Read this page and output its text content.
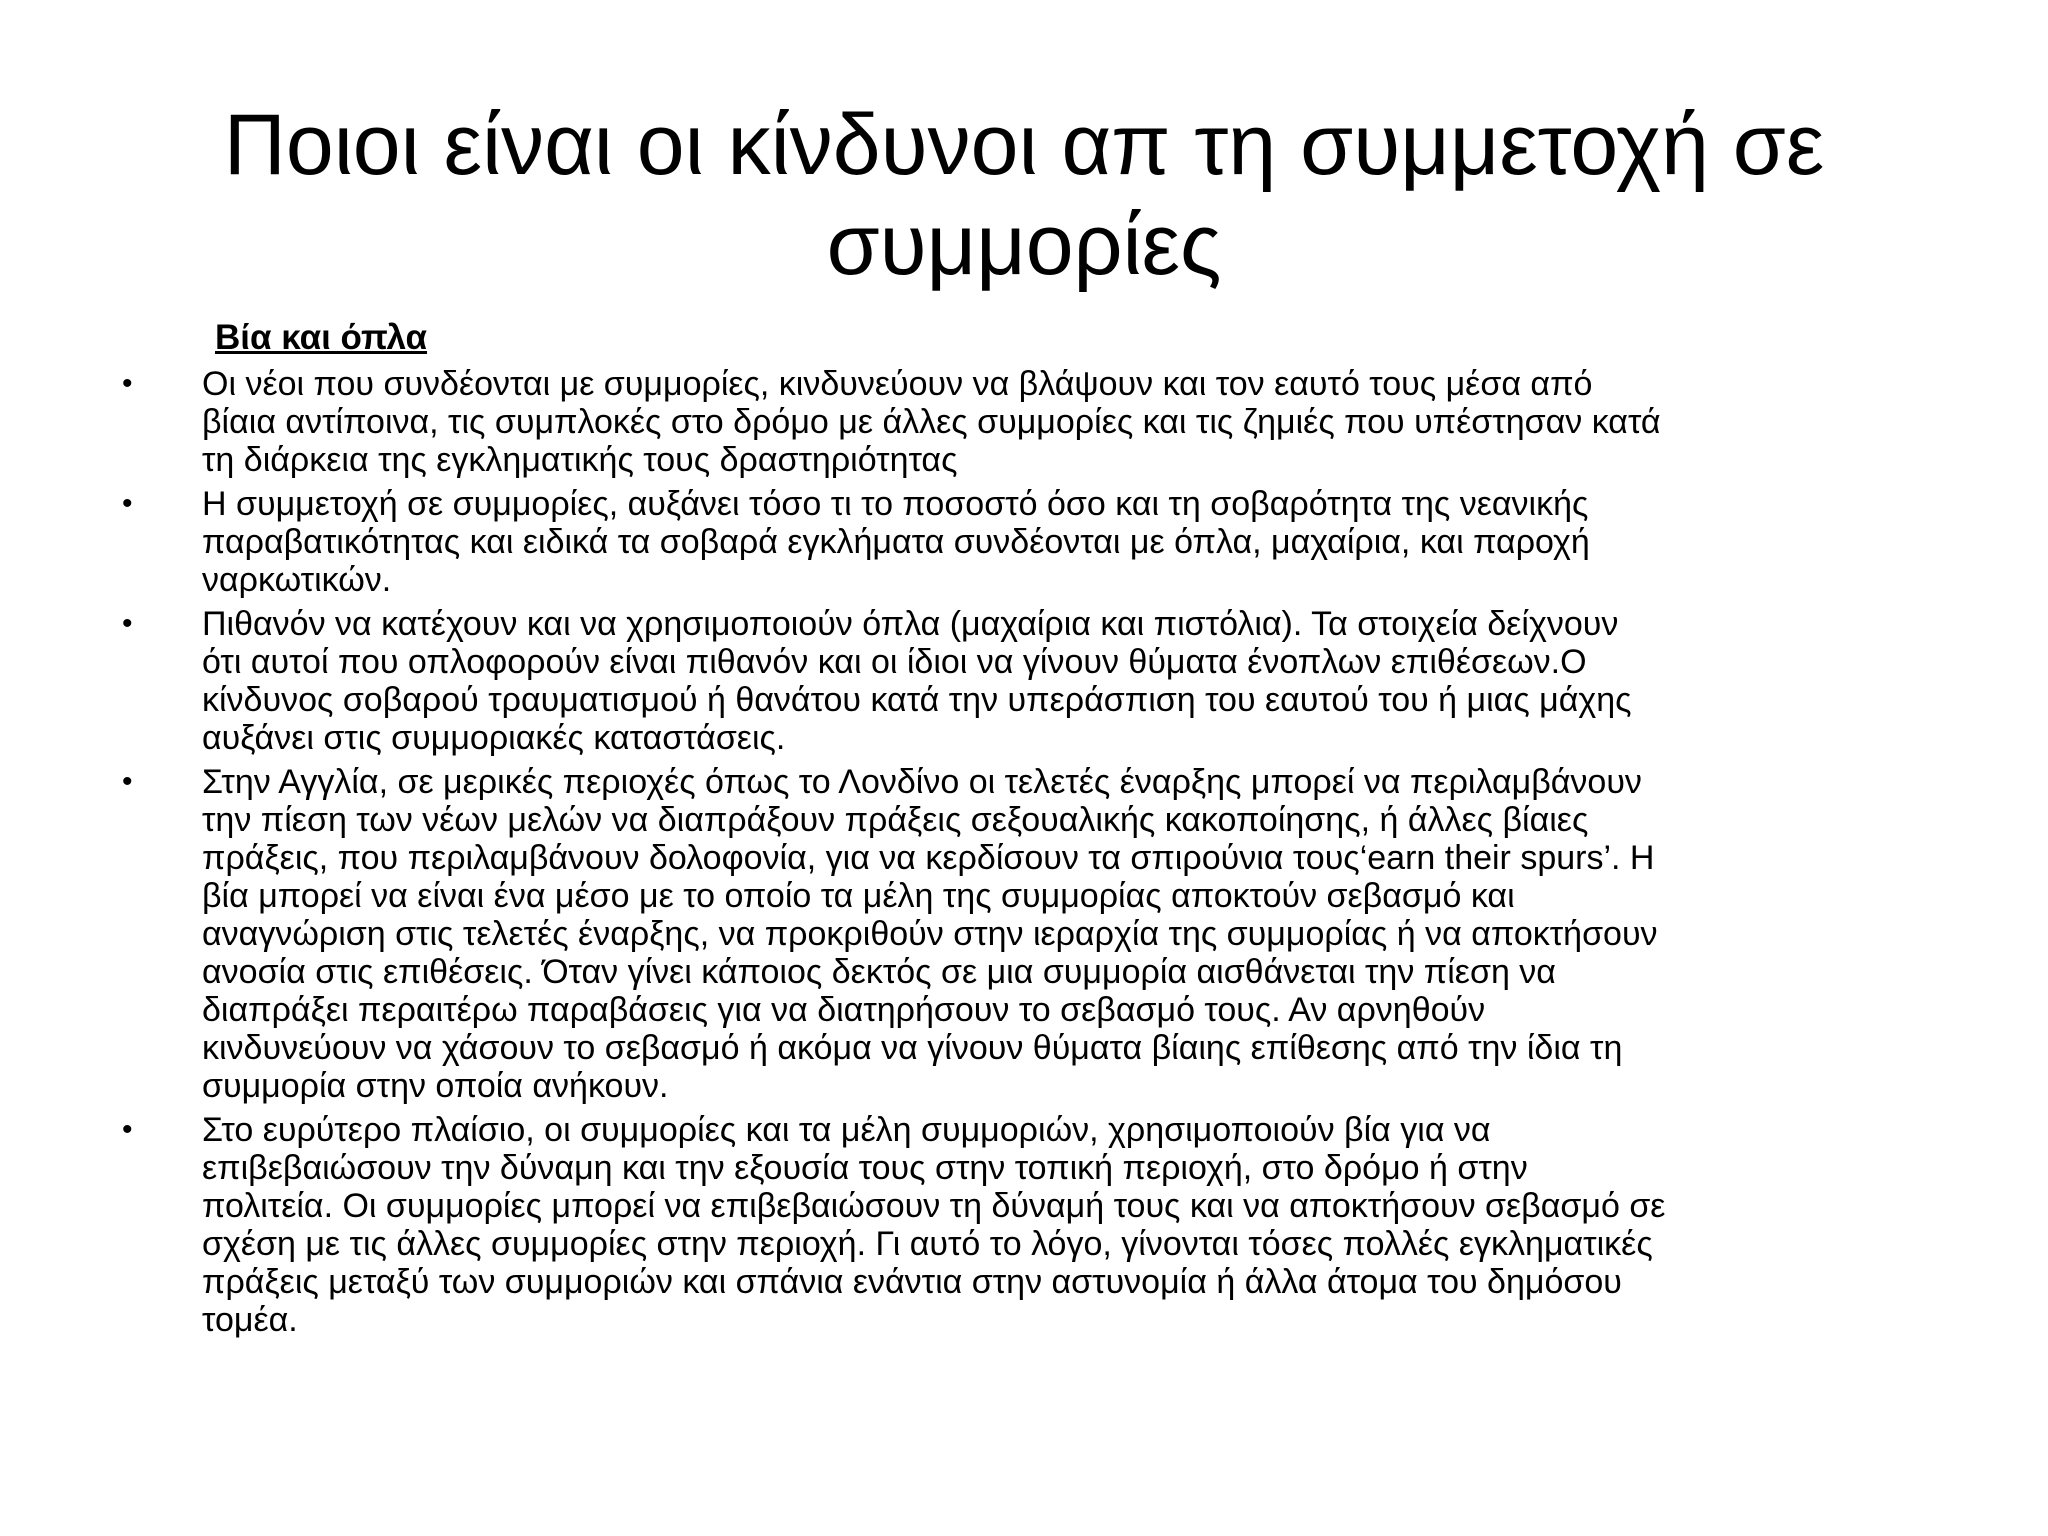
Ποιοι είναι οι κίνδυνοι απ τη συμμετοχή σε
συμμορίες
Βία και όπλα
• Οι νέοι που συνδέονται με συμμορίες, κινδυνεύουν να βλάψουν και τον εαυτό τους μέσα από
βίαια αντίποινα, τις συμπλοκές στο δρόμο με άλλες συμμορίες και τις ζημιές που υπέστησαν κατά
τη διάρκεια της εγκληματικής τους δραστηριότητας
• Η συμμετοχή σε συμμορίες, αυξάνει τόσο τι το ποσοστό όσο και τη σοβαρότητα της νεανικής
παραβατικότητας και ειδικά τα σοβαρά εγκλήματα συνδέονται με όπλα, μαχαίρια, και παροχή
ναρκωτικών.
• Πιθανόν να κατέχουν και να χρησιμοποιούν όπλα (μαχαίρια και πιστόλια). Τα στοιχεία δείχνουν
ότι αυτοί που οπλοφορούν είναι πιθανόν και οι ίδιοι να γίνουν θύματα ένοπλων επιθέσεων.Ο
κίνδυνος σοβαρού τραυματισμού ή θανάτου κατά την υπεράσπιση του εαυτού του ή μιας μάχης
αυξάνει στις συμμοριακές καταστάσεις.
• Στην Αγγλία, σε μερικές περιοχές όπως το Λονδίνο οι τελετές έναρξης μπορεί να περιλαμβάνουν
την πίεση των νέων μελών να διαπράξουν πράξεις σεξουαλικής κακοποίησης, ή άλλες βίαιες
πράξεις, που περιλαμβάνουν δολοφονία, για να κερδίσουν τα σπιρούνια τους‘earn their spurs’. Η
βία μπορεί να είναι ένα μέσο με το οποίο τα μέλη της συμμορίας αποκτούν σεβασμό και
αναγνώριση στις τελετές έναρξης, να προκριθούν στην ιεραρχία της συμμορίας ή να αποκτήσουν
ανοσία στις επιθέσεις. Όταν γίνει κάποιος δεκτός σε μια συμμορία αισθάνεται την πίεση να
διαπράξει περαιτέρω παραβάσεις για να διατηρήσουν το σεβασμό τους. Αν αρνηθούν
κινδυνεύουν να χάσουν το σεβασμό ή ακόμα να γίνουν θύματα βίαιης επίθεσης από την ίδια τη
συμμορία στην οποία ανήκουν.
• Στο ευρύτερο πλαίσιο, οι συμμορίες και τα μέλη συμμοριών, χρησιμοποιούν βία για να
επιβεβαιώσουν την δύναμη και την εξουσία τους στην τοπική περιοχή, στο δρόμο ή στην
πολιτεία. Οι συμμορίες μπορεί να επιβεβαιώσουν τη δύναμή τους και να αποκτήσουν σεβασμό σε
σχέση με τις άλλες συμμορίες στην περιοχή. Γι αυτό το λόγο, γίνονται τόσες πολλές εγκληματικές
πράξεις μεταξύ των συμμοριών και σπάνια ενάντια στην αστυνομία ή άλλα άτομα του δημόσου
τομέα.
